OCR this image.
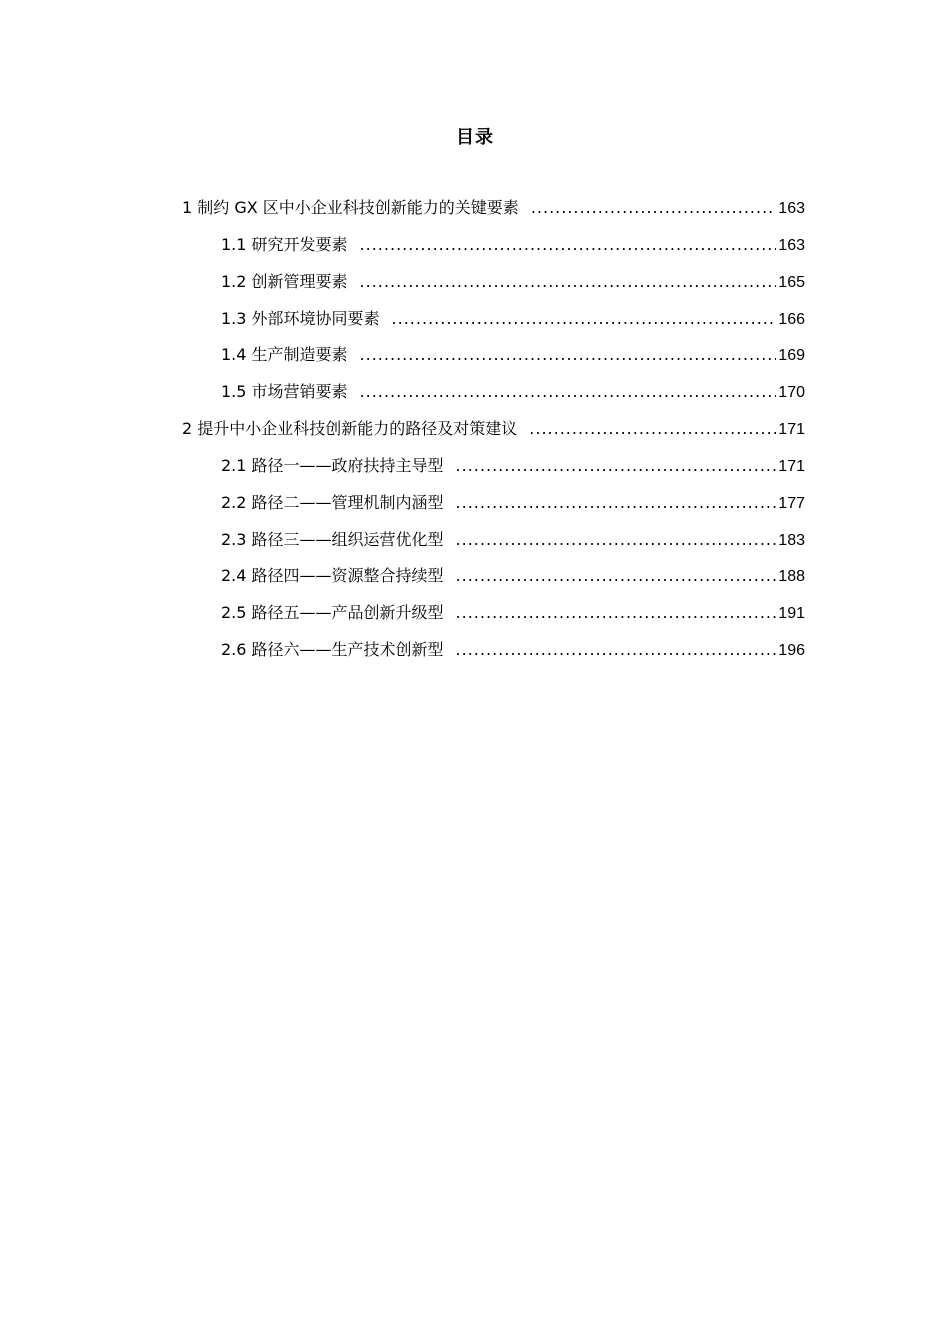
目录
1 制约 GX 区中小企业科技创新能力的关键要素 .....	163
1.1 研究开发要素 .....	163
1.2 创新管理要素 .....	165
1.3 外部环境协同要素 .....	166
1.4 生产制造要素 .....	169
1.5 市场营销要素 .....	170
2 提升中小企业科技创新能力的路径及对策建议 .....	171
2.1 路径一——政府扶持主导型 .....	171
2.2 路径二——管理机制内涵型 .....	177
2.3 路径三——组织运营优化型 .....	183
2.4 路径四——资源整合持续型 .....	188
2.5 路径五——产品创新升级型 .....	191
2.6 路径六——生产技术创新型 .....	196
